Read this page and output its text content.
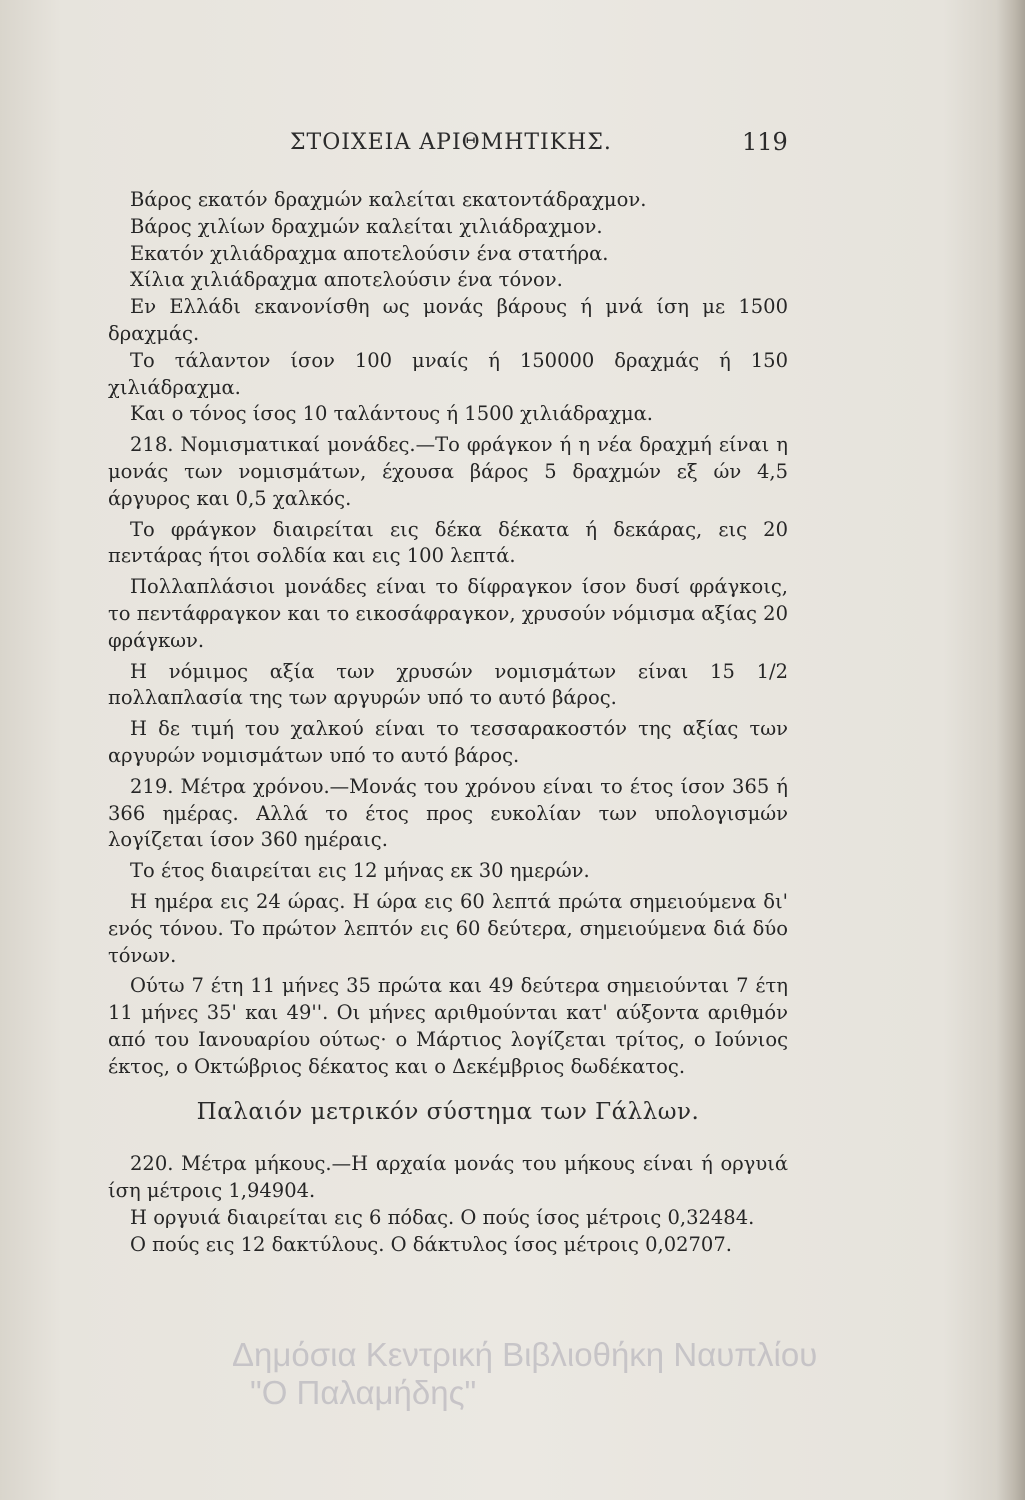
ΣΤΟΙΧΕΙΑ ΑΡΙΘΜΗΤΙΚΗΣ.	119

Βάρος εκατόν δραχμών καλείται εκατοντάδραχμον.

Βάρος χιλίων δραχμών καλείται χιλιάδραχμον.

Εκατόν χιλιάδραχμα αποτελούσιν ένα στατήρα.

Χίλια χιλιάδραχμα αποτελούσιν ένα τόνον.

Εν Ελλάδι εκανονίσθη ως μονάς βάρους ή μνά ίση με 1500 δραχμάς.

Το τάλαντον ίσον 100 μναίς ή 150000 δραχμάς ή 150 χιλιάδραχμα.

Και ο τόνος ίσος 10 ταλάντους ή 1500 χιλιάδραχμα.

218. Νομισματικαί μονάδες.—Το φράγκον ή η νέα δραχμή είναι η μονάς των νομισμάτων, έχουσα βάρος 5 δραχμών εξ ών 4,5 άργυρος και 0,5 χαλκός.

Το φράγκον διαιρείται εις δέκα δέκατα ή δεκάρας, εις 20 πεντάρας ήτοι σολδία και εις 100 λεπτά.

Πολλαπλάσιοι μονάδες είναι το δίφραγκον ίσον δυσί φράγκοις, το πεντάφραγκον και το εικοσάφραγκον, χρυσούν νόμισμα αξίας 20 φράγκων.

Η νόμιμος αξία των χρυσών νομισμάτων είναι 15 1/2 πολλαπλασία της των αργυρών υπό το αυτό βάρος.

Η δε τιμή του χαλκού είναι το τεσσαρακοστόν της αξίας των αργυρών νομισμάτων υπό το αυτό βάρος.

219. Μέτρα χρόνου.—Μονάς του χρόνου είναι το έτος ίσον 365 ή 366 ημέρας. Αλλά το έτος προς ευκολίαν των υπολογισμών λογίζεται ίσον 360 ημέραις.

Το έτος διαιρείται εις 12 μήνας εκ 30 ημερών.

Η ημέρα εις 24 ώρας. Η ώρα εις 60 λεπτά πρώτα σημειούμενα δι' ενός τόνου. Το πρώτον λεπτόν εις 60 δεύτερα, σημειούμενα διά δύο τόνων.

Ούτω 7 έτη 11 μήνες 35 πρώτα και 49 δεύτερα σημειούνται 7 έτη 11 μήνες 35' και 49''. Οι μήνες αριθμούνται κατ' αύξοντα αριθμόν από του Ιανουαρίου ούτως· ο Μάρτιος λογίζεται τρίτος, ο Ιούνιος έκτος, ο Οκτώβριος δέκατος και ο Δεκέμβριος δωδέκατος.

Παλαιόν μετρικόν σύστημα των Γάλλων.

220. Μέτρα μήκους.—Η αρχαία μονάς του μήκους είναι ή οργυιά ίση μέτροις 1,94904.

Η οργυιά διαιρείται εις 6 πόδας. Ο πούς ίσος μέτροις 0,32484.

Ο πούς εις 12 δακτύλους. Ο δάκτυλος ίσος μέτροις 0,02707.

Δημόσια Κεντρική Βιβλιοθήκη Ναυπλίου
"Ο Παλαμήδης"
